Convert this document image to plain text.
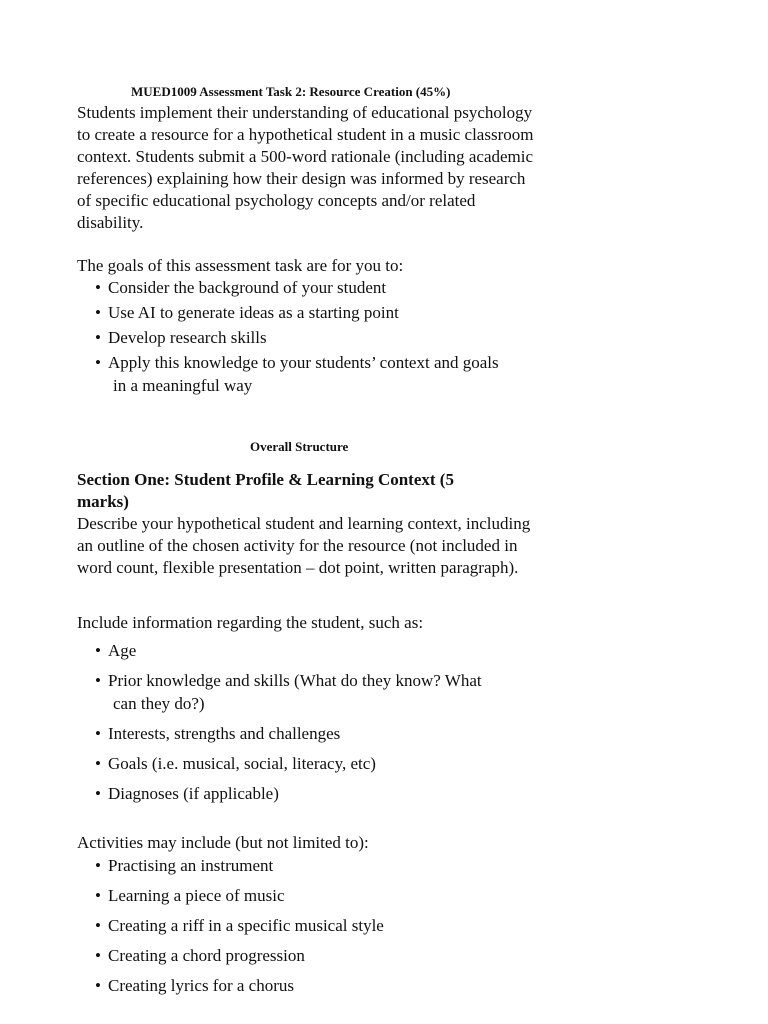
MUED1009 Assessment Task 2: Resource Creation (45%)

Students implement their understanding of educational psychology to create a resource for a hypothetical student in a music classroom context. Students submit a 500-word rationale (including academic references) explaining how their design was informed by research of specific educational psychology concepts and/or related disability.

The goals of this assessment task are for you to:

• Consider the background of your student
• Use AI to generate ideas as a starting point
• Develop research skills
• Apply this knowledge to your students’ context and goals
in a meaningful way
Overall Structure
Section One: Student Profile & Learning Context (5 marks)

Describe your hypothetical student and learning context, including an outline of the chosen activity for the resource (not included in word count, flexible presentation – dot point, written paragraph).

Include information regarding the student, such as:

• Age
• Prior knowledge and skills (What do they know? What
can they do?)
• Interests, strengths and challenges
• Goals (i.e. musical, social, literacy, etc)
• Diagnoses (if applicable)

Activities may include (but not limited to):

• Practising an instrument
• Learning a piece of music
• Creating a riff in a specific musical style
• Creating a chord progression
• Creating lyrics for a chorus
